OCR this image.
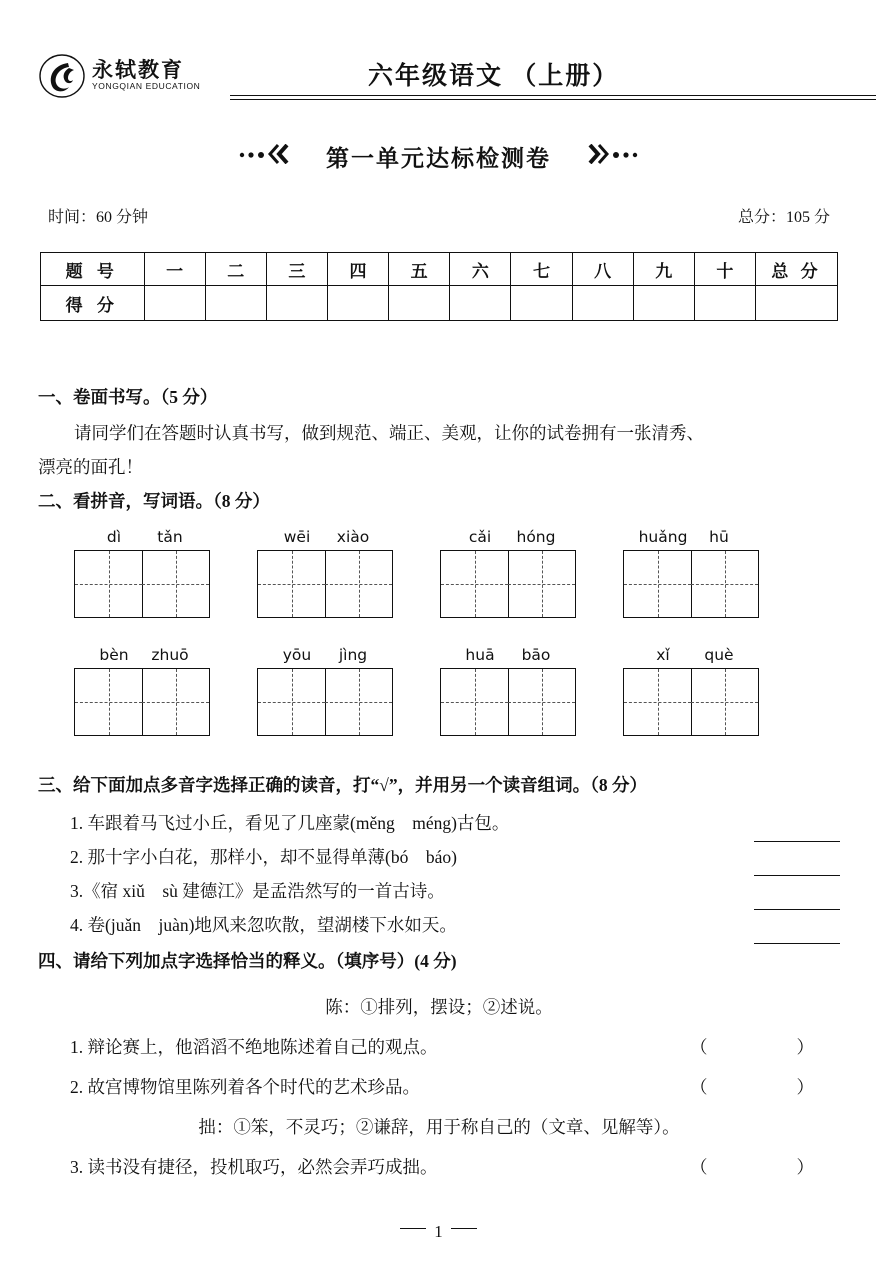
永轼教育
YONGQIAN EDUCATION	六年级语文 （上册）
第一单元达标检测卷
时间：60 分钟	总分：105 分
题 号	一	二	三	四	五	六	七	八	九	十	总 分
得 分											
一、卷面书写。（5 分）
请同学们在答题时认真书写，做到规范、端正、美观，让你的试卷拥有一张清秀、
漂亮的面孔！
二、看拼音，写词语。（8 分）
dì tǎn	wēi xiào	cǎi hóng	huǎng hū
bèn zhuō	yōu jìng	huā bāo	xǐ què
三、给下面加点多音字选择正确的读音，打“√”，并用另一个读音组词。（8 分）
1. 车跟着马飞过小丘，看见了几座蒙(měng　méng)古包。
2. 那十字小白花，那样小，却不显得单薄(bó　báo)
3.《宿 xiǔ　sù 建德江》是孟浩然写的一首古诗。
4. 卷(juǎn　juàn)地风来忽吹散，望湖楼下水如天。
四、请给下列加点字选择恰当的释义。（填序号）(4 分)
陈：①排列，摆设；②述说。
1. 辩论赛上，他滔滔不绝地陈述着自己的观点。	（　　）
2. 故宫博物馆里陈列着各个时代的艺术珍品。	（　　）
拙：①笨，不灵巧；②谦辞，用于称自己的（文章、见解等）。
3. 读书没有捷径，投机取巧，必然会弄巧成拙。	（　　）
1
